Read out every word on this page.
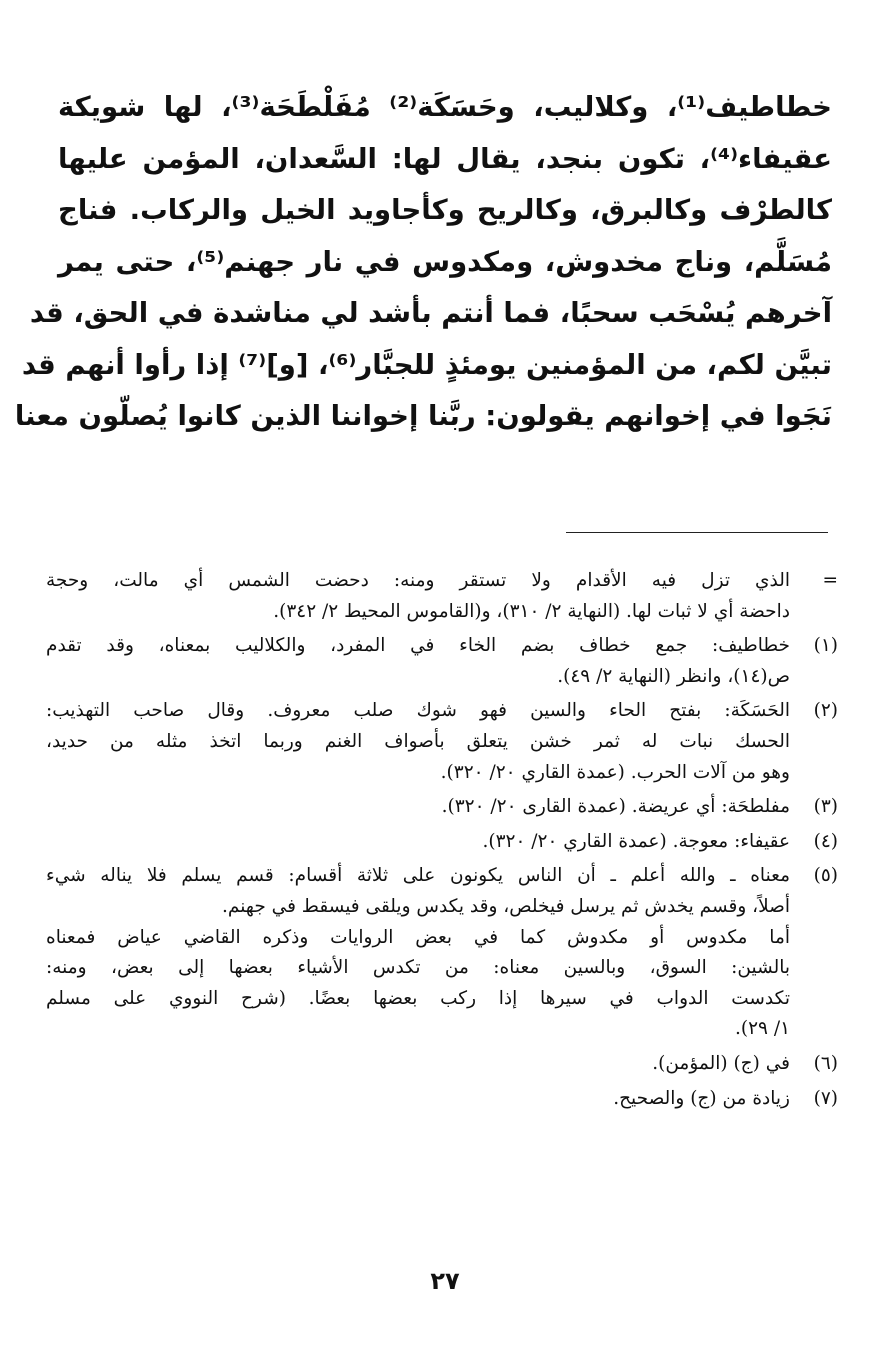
خطاطيف⁽¹⁾، وكلاليب، وحَسَكَة⁽²⁾ مُفَلْطَحَة⁽³⁾، لها شويكة
عقيفاء⁽⁴⁾، تكون بنجد، يقال لها: السَّعدان، المؤمن عليها
كالطرْف وكالبرق، وكالريح وكأجاويد الخيل والركاب. فناج
مُسَلَّم، وناج مخدوش، ومكدوس في نار جهنم⁽⁵⁾، حتى يمر
آخرهم يُسْحَب سحبًا، فما أنتم بأشد لي مناشدة في الحق، قد
تبيَّن لكم، من المؤمنين يومئذٍ للجبَّار⁽⁶⁾، [و]⁽⁷⁾ إذا رأوا أنهم قد
نَجَوا في إخوانهم يقولون: ربَّنا إخواننا الذين كانوا يُصلّون معنا
=
الذي تزل فيه الأقدام ولا تستقر ومنه: دحضت الشمس أي مالت، وحجة
داحضة أي لا ثبات لها. (النهاية ٢/ ٣١٠)، و(القاموس المحيط ٢/ ٣٤٢).
(١)
خطاطيف: جمع خطاف بضم الخاء في المفرد، والكلاليب بمعناه، وقد تقدم
ص(١٤)، وانظر (النهاية ٢/ ٤٩).
(٢)
الحَسَكَة: بفتح الحاء والسين فهو شوك صلب معروف. وقال صاحب التهذيب:
الحسك نبات له ثمر خشن يتعلق بأصواف الغنم وربما اتخذ مثله من حديد،
وهو من آلات الحرب. (عمدة القاري ٢٠/ ٣٢٠).
(٣)
مفلطحَة: أي عريضة. (عمدة القارى ٢٠/ ٣٢٠).
(٤)
عقيفاء: معوجة. (عمدة القاري ٢٠/ ٣٢٠).
(٥)
معناه ـ والله أعلم ـ أن الناس يكونون على ثلاثة أقسام: قسم يسلم فلا يناله شيء
أصلاً، وقسم يخدش ثم يرسل فيخلص، وقد يكدس ويلقى فيسقط في جهنم.
أما مكدوس أو مكدوش كما في بعض الروايات وذكره القاضي عياض فمعناه
بالشين: السوق، وبالسين معناه: من تكدس الأشياء بعضها إلى بعض، ومنه:
تكدست الدواب في سيرها إذا ركب بعضها بعضًا. (شرح النووي على مسلم
١/ ٢٩).
(٦)
في (ج) (المؤمن).
(٧)
زيادة من (ج) والصحيح.
٢٧
